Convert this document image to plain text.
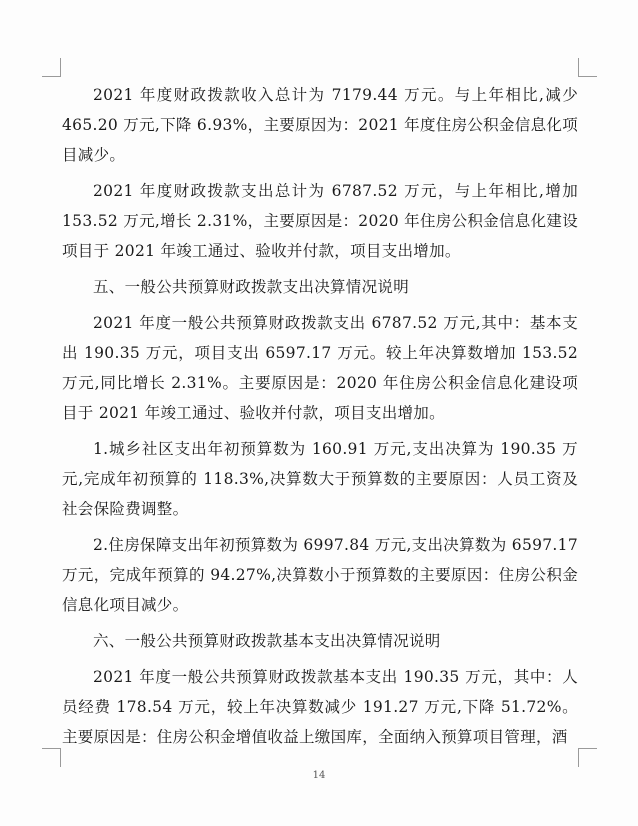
2021 年度财政拨款收入总计为 7179.44 万元。与上年相比,减少465.20 万元,下降 6.93%，主要原因为：2021 年度住房公积金信息化项目减少。

2021 年度财政拨款支出总计为 6787.52 万元，与上年相比,增加153.52 万元,增长 2.31%，主要原因是：2020 年住房公积金信息化建设项目于 2021 年竣工通过、验收并付款，项目支出增加。

五、一般公共预算财政拨款支出决算情况说明

2021 年度一般公共预算财政拨款支出 6787.52 万元,其中：基本支出 190.35 万元，项目支出 6597.17 万元。较上年决算数增加 153.52 万元,同比增长 2.31%。主要原因是：2020 年住房公积金信息化建设项目于 2021 年竣工通过、验收并付款，项目支出增加。

1.城乡社区支出年初预算数为 160.91 万元,支出决算为 190.35 万元,完成年初预算的 118.3%,决算数大于预算数的主要原因：人员工资及社会保险费调整。

2.住房保障支出年初预算数为 6997.84 万元,支出决算数为 6597.17 万元，完成年预算的 94.27%,决算数小于预算数的主要原因：住房公积金信息化项目减少。

六、一般公共预算财政拨款基本支出决算情况说明

2021 年度一般公共预算财政拨款基本支出 190.35 万元，其中：人员经费 178.54 万元，较上年决算数减少 191.27 万元,下降 51.72%。主要原因是：住房公积金增值收益上缴国库，全面纳入预算项目管理，酒

14
